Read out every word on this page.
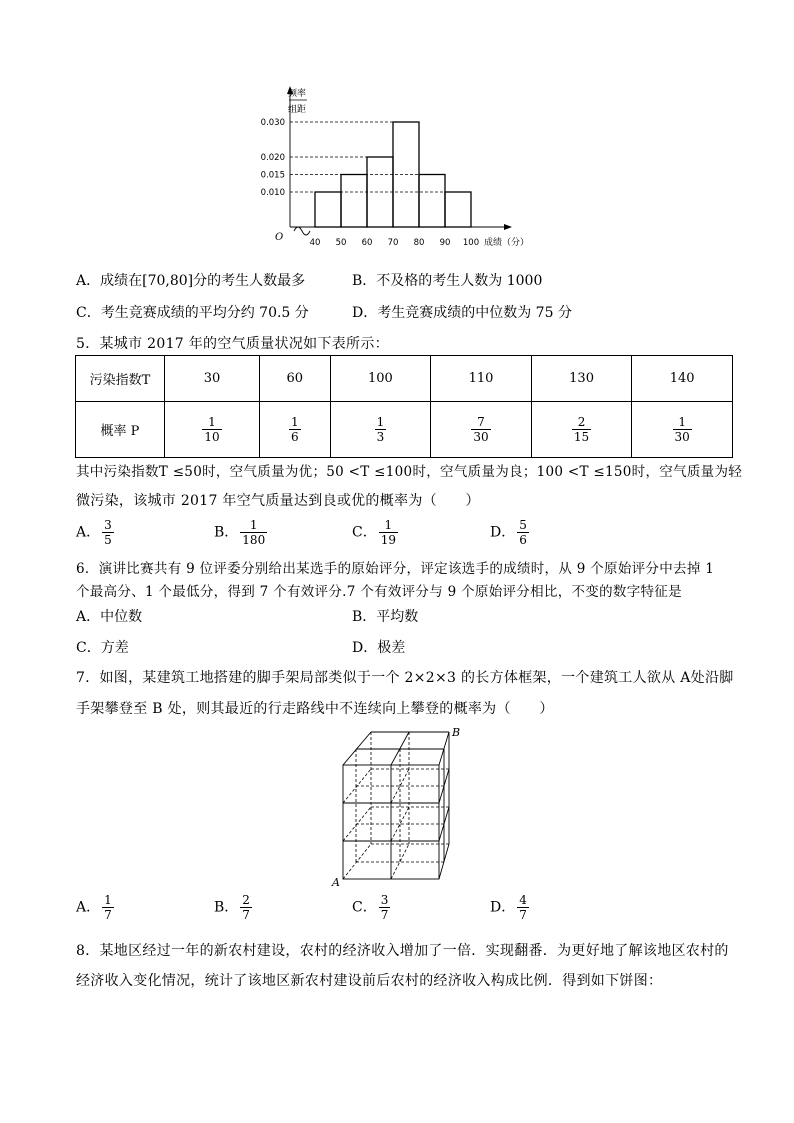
0.030
0.020
0.015
0.010
40 50 60 70 80 90 100
频率
组距
O	成绩（分）
A．成绩在[70,80]分的考生人数最多	B．不及格的考生人数为 1000
C．考生竞赛成绩的平均分约 70.5 分	D．考生竞赛成绩的中位数为 75 分
5．某城市 2017 年的空气质量状况如下表所示：
污染指数T	30	60	100	110	130	140
概率 P	$\frac{1}{10}$	$\frac{1}{6}$	$\frac{1}{3}$	$\frac{7}{30}$	$\frac{2}{15}$	$\frac{1}{30}$
其中污染指数T ≤50时，空气质量为优；50 <T ≤100时，空气质量为良；100 <T ≤150时，空气质量为轻
微污染，该城市 2017 年空气质量达到良或优的概率为（　　）
A． $\frac{3}{5}$	B． $\frac{1}{180}$	C． $\frac{1}{19}$	D． $\frac{5}{6}$
6．演讲比赛共有 9 位评委分别给出某选手的原始评分，评定该选手的成绩时，从 9 个原始评分中去掉 1
个最高分、1 个最低分，得到 7 个有效评分.7 个有效评分与 9 个原始评分相比，不变的数字特征是
A．中位数	B．平均数
C．方差	D．极差
7．如图，某建筑工地搭建的脚手架局部类似于一个 2×2×3 的长方体框架，一个建筑工人欲从 A处沿脚
手架攀登至 B 处，则其最近的行走路线中不连续向上攀登的概率为（　　）
B
A
A． $\frac{1}{7}$	B． $\frac{2}{7}$	C． $\frac{3}{7}$	D． $\frac{4}{7}$
8．某地区经过一年的新农村建设，农村的经济收入增加了一倍．实现翻番．为更好地了解该地区农村的
经济收入变化情况，统计了该地区新农村建设前后农村的经济收入构成比例．得到如下饼图：
